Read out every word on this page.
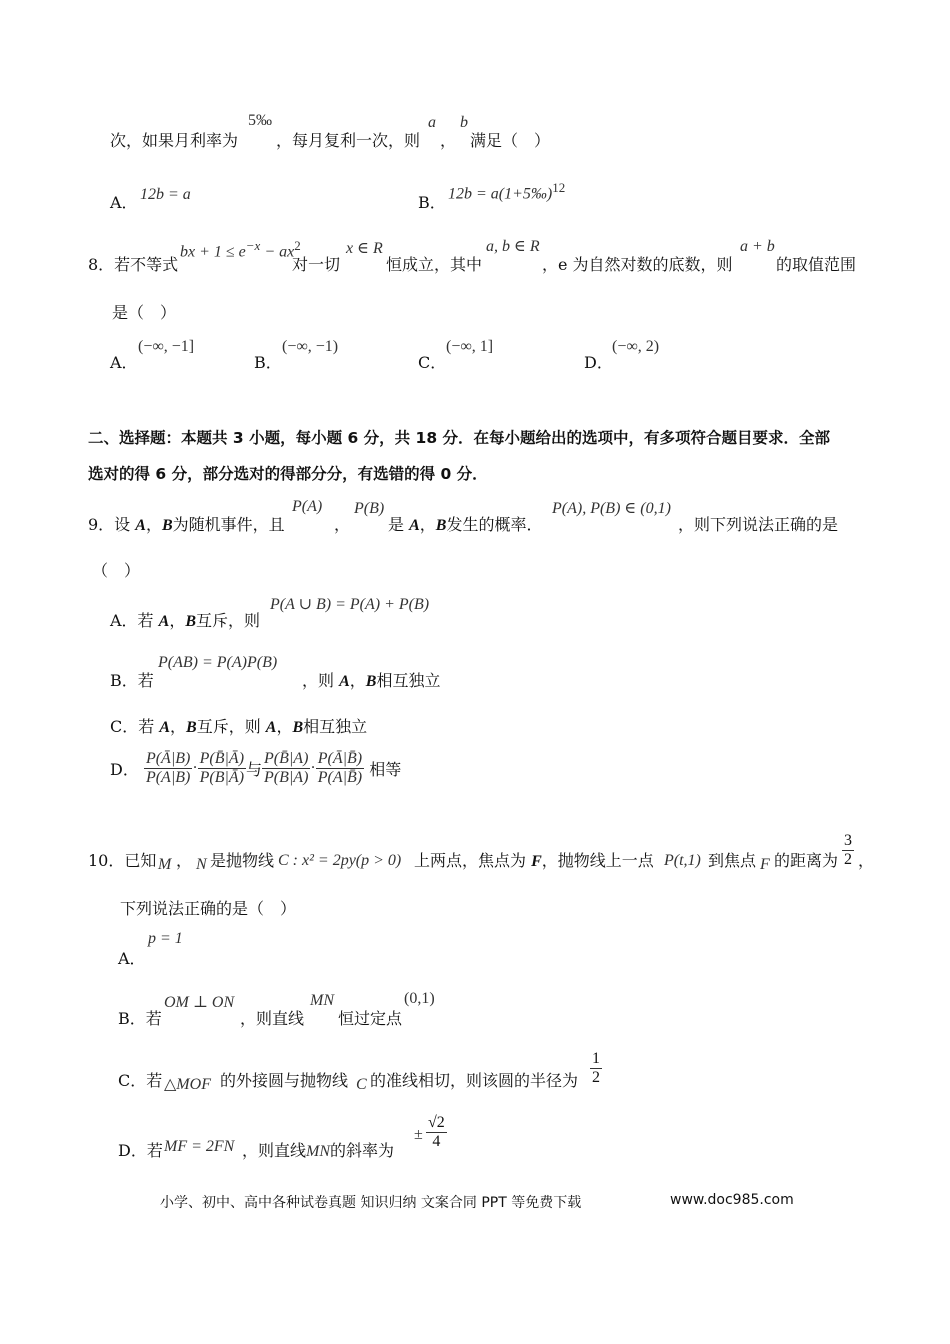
次，如果月利率为
5‰
，每月复利一次，则
a
，
b
满足（　）
A． 12b = a	B． 12b = a(1+5‰)$^{12}$
8．若不等式
bx + $1 \le e^{-x} - ax^2$
对一切
x ∈ R
恒成立，其中
a, b ∈ R
，e 为自然对数的底数，则
a + b
的取值范围
是（　）
A．
(−∞, −1]
B．
(−∞, −1)
C．
(−∞, 1]
D．
(−∞, 2)
二、选择题：本题共 3 小题，每小题 6 分，共 18 分．在每小题给出的选项中，有多项符合题目要求．全部
选对的得 6 分，部分选对的得部分分，有选错的得 0 分．
9．设 A，B为随机事件，且
P(A)
，
P(B)
是 A，B发生的概率．
P(A), P(B) ∈ (0,1)
，则下列说法正确的是
（　）
A．若 A，B互斥，则
P(A ∪ B) = P(A) + P(B)
B．若
P(AB) = P(A)P(B)
，则 A，B相互独立
C．若 A，B互斥，则 A，B相互独立
D． $\frac{P(Ā|B)}{P(A|B)} \cdot \frac{P(B̄|Ā)}{P(B|Ā)}$ 与 $\frac{P(B̄|A)}{P(B|A)} \cdot \frac{P(Ā|B̄)}{P(A|B̄)}$ 相等
10．已知 M ， N 是抛物线 C : x² = 2py(p > 0) 上两点，焦点为 F，抛物线上一点 P(t,1) 到焦点 F 的距离为 $\frac{3}{2}$ ，
下列说法正确的是（　）
A．
p = 1
B．若
OM ⊥ ON
，则直线
MN
恒过定点
(0,1)
C．若 △MOF 的外接圆与抛物线 C 的准线相切，则该圆的半径为 $\frac{1}{2}$
D．若 MF = 2FN ，则直线MN的斜率为
± $\frac{√2}{4}$
小学、初中、高中各种试卷真题 知识归纳 文案合同 PPT 等免费下载	www.doc985.com
